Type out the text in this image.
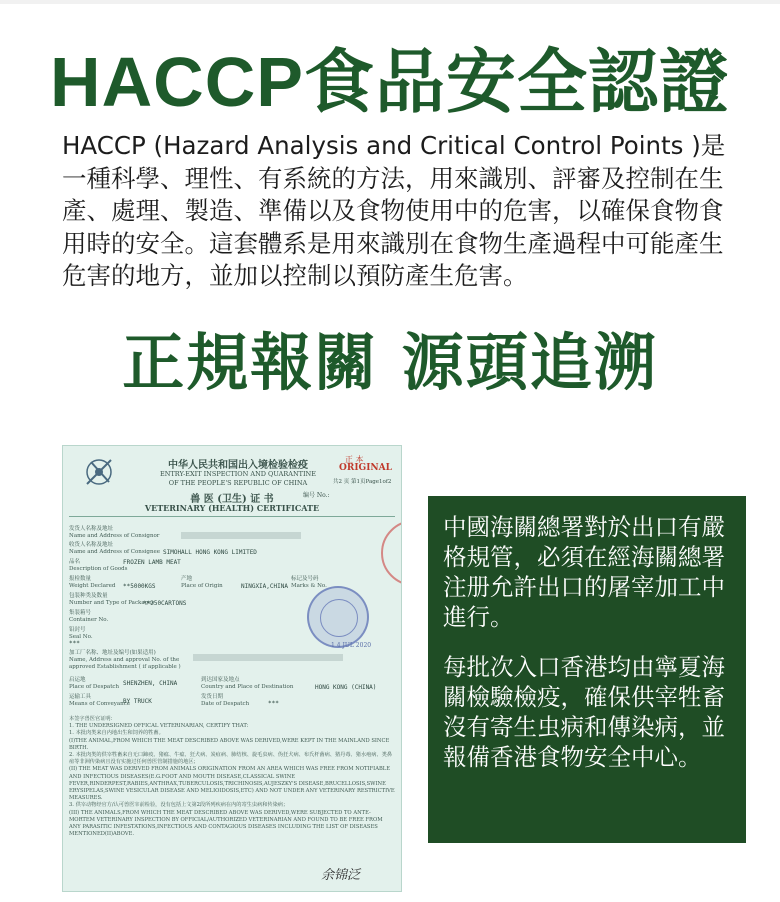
HACCP食品安全認證
HACCP (Hazard Analysis and Critical Control Points )是一種科學、理性、有系統的方法，用來識別、評審及控制在生產、處理、製造、準備以及食物使用中的危害，以確保食物食用時的安全。這套體系是用來識別在食物生產過程中可能產生危害的地方，並加以控制以預防產生危害。
正規報關 源頭追溯
中华人民共和国出入境检验检疫
ENTRY-EXIT INSPECTION AND QUARANTINE
OF THE PEOPLE'S REPUBLIC OF CHINA
正 本
ORIGINAL
共2 页 第1页Page1of2
编号 No.:
兽 医 (卫生) 证 书
VETERINARY (HEALTH) CERTIFICATE
发货人名称及地址
Name and Address of Consignor
收货人名称及地址
Name and Address of Consignee SIMOHALL HONG KONG LIMITED
品名
Description of Goods
FROZEN LAMB MEAT
报检数量
Weight Declared **5000KGS
产地
Place of Origin	NINGXIA,CHINA
标记及号码
Marks & No.
包装种类及数量
Number and Type of Packages
**250CARTONS
集装箱号
Container No.
铅封号
Seal No.
***
加工厂名称、地址及编号(如果适用)
Name, Address and approval No. of the approved Establishment ( if applicable )
启运地
Place of Despatch SHENZHEN, CHINA	到达国家及地点
Country and Place of Destination	HONG KONG (CHINA)
运输工具
Means of Conveyance
BY TRUCK
发货日期
Date of Despatch	***
1 4 JUL 2020
本签字兽医官证明：
1. THE UNDERSIGNED OFFICAL VETERINARIAN, CERTIFY THAT:
1. 本批肉类来自内地出生和饲养的牲畜。
(I)THE ANIMAL,FROM WHICH THE MEAT DESCRIBED ABOVE WAS DERIVED,WERE KEPT IN THE MAINLAND SINCE BIRTH.
2. 本批肉类的供宰牲畜来自无口蹄疫、猪瘟、牛瘟、狂犬病、炭疽病、肺结核、旋毛虫病、伪狂犬病、布氏杆菌病、猪丹毒、猪水疱病、类鼻疽等非洲传染病且没有实施过任何兽医管制措施的地区；
(II) THE MEAT WAS DERIVED FROM ANIMALS ORIGINATION FROM AN AREA WHICH WAS FREE FROM NOTIFIABLE AND INFECTIOUS DISEASES(E.G.FOOT AND MOUTH DISEASE,CLASSICAL SWINE FEVER,RINDERPEST,RABIES,ANTHRAX,TUBERCULOSIS,TRICHINOSIS,AUJESZKY'S DISEASE,BRUCELLOSIS,SWINE ERYSIPELAS,SWINE VESICULAR DISEASE AND MELIOIDOSIS,ETC) AND NOT UNDER ANY VETERINARY RESTRICTIVE MEASURES.
3. 供宰动物经官方/认可兽医宰前检验，没有包括上文第2段所列疾病在内的寄生虫病和传染病；
(III) THE ANIMALS,FROM WHICH THE MEAT DESCRIBED ABOVE WAS DERIVED,WERE SUBJECTED TO ANTE-MORTEM VETERINARY INSPECTION BY OFFICIAL/AUTHORIZED VETERINARIAN AND FOUND TO BE FREE FROM ANY PARASITIC INFESTATIONS,INFECTIOUS AND CONTAGIOUS DISEASES INCLUDING THE LIST OF DISEASES MENTIONED(II)ABOVE.
余锦泛
中國海關總署對於出口有嚴格規管，必須在經海關總署注册允許出口的屠宰加工中進行。
每批次入口香港均由寧夏海關檢驗檢疫，確保供宰牲畜沒有寄生虫病和傳染病，並報備香港食物安全中心。
